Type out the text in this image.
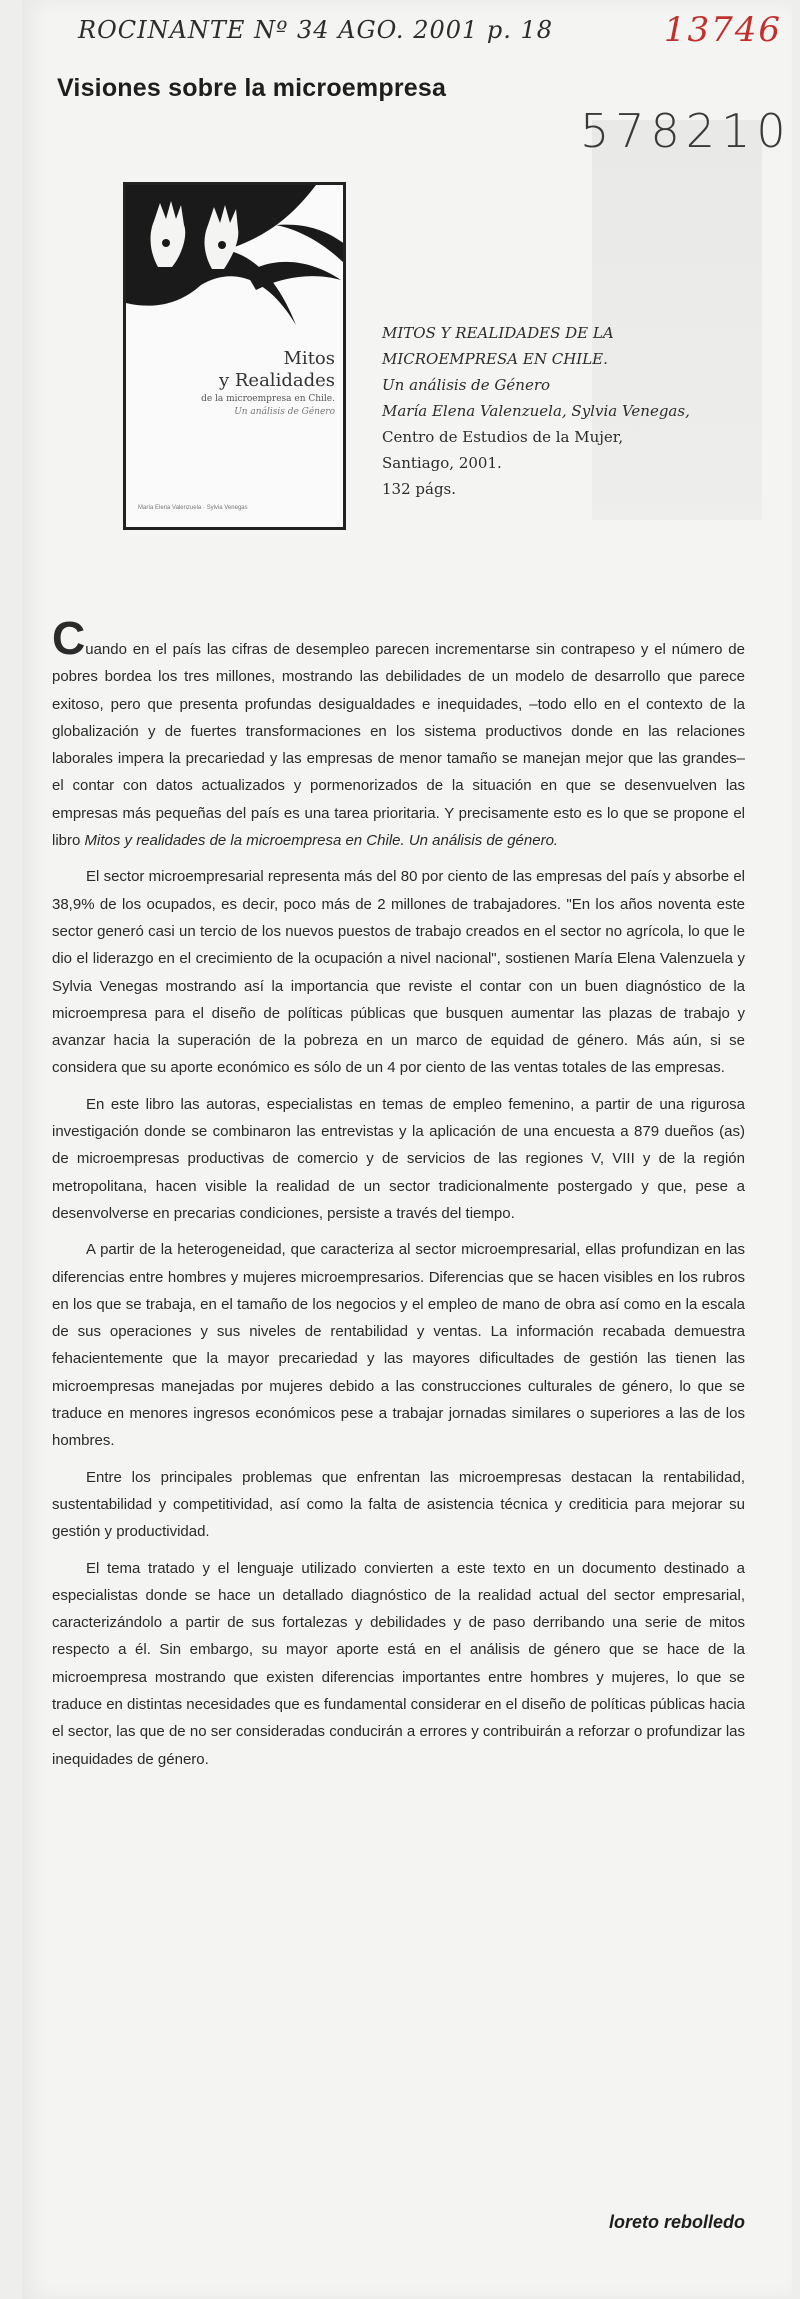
ROCINANTE Nº 34 AGO. 2001 p. 18	13746
Visiones sobre la microempresa
578210
Mitos
y Realidades
de la microempresa en Chile.
Un análisis de Género
María Elena Valenzuela · Sylvia Venegas
MITOS Y REALIDADES DE LA
MICROEMPRESA EN CHILE.
Un análisis de Género
María Elena Valenzuela, Sylvia Venegas,
Centro de Estudios de la Mujer,
Santiago, 2001.
132 págs.

Cuando en el país las cifras de desempleo parecen incrementarse sin contrapeso y el número de pobres bordea los tres millones, mostrando las debilidades de un modelo de desarrollo que parece exitoso, pero que presenta profundas desigualdades e inequidades, –todo ello en el contexto de la globalización y de fuertes transformaciones en los sistema productivos donde en las relaciones laborales impera la precariedad y las empresas de menor tamaño se manejan mejor que las grandes– el contar con datos actualizados y pormenorizados de la situación en que se desenvuelven las empresas más pequeñas del país es una tarea prioritaria. Y precisamente esto es lo que se propone el libro Mitos y realidades de la microempresa en Chile. Un análisis de género.

El sector microempresarial representa más del 80 por ciento de las empresas del país y absorbe el 38,9% de los ocupados, es decir, poco más de 2 millones de trabajadores. "En los años noventa este sector generó casi un tercio de los nuevos puestos de trabajo creados en el sector no agrícola, lo que le dio el liderazgo en el crecimiento de la ocupación a nivel nacional", sostienen María Elena Valenzuela y Sylvia Venegas mostrando así la importancia que reviste el contar con un buen diagnóstico de la microempresa para el diseño de políticas públicas que busquen aumentar las plazas de trabajo y avanzar hacia la superación de la pobreza en un marco de equidad de género. Más aún, si se considera que su aporte económico es sólo de un 4 por ciento de las ventas totales de las empresas.

En este libro las autoras, especialistas en temas de empleo femenino, a partir de una rigurosa investigación donde se combinaron las entrevistas y la aplicación de una encuesta a 879 dueños (as) de microempresas productivas de comercio y de servicios de las regiones V, VIII y de la región metropolitana, hacen visible la realidad de un sector tradicionalmente postergado y que, pese a desenvolverse en precarias condiciones, persiste a través del tiempo.

A partir de la heterogeneidad, que caracteriza al sector microempresarial, ellas profundizan en las diferencias entre hombres y mujeres microempresarios. Diferencias que se hacen visibles en los rubros en los que se trabaja, en el tamaño de los negocios y el empleo de mano de obra así como en la escala de sus operaciones y sus niveles de rentabilidad y ventas. La información recabada demuestra fehacientemente que la mayor precariedad y las mayores dificultades de gestión las tienen las microempresas manejadas por mujeres debido a las construcciones culturales de género, lo que se traduce en menores ingresos económicos pese a trabajar jornadas similares o superiores a las de los hombres.

Entre los principales problemas que enfrentan las microempresas destacan la rentabilidad, sustentabilidad y competitividad, así como la falta de asistencia técnica y crediticia para mejorar su gestión y productividad.

El tema tratado y el lenguaje utilizado convierten a este texto en un documento destinado a especialistas donde se hace un detallado diagnóstico de la realidad actual del sector empresarial, caracterizándolo a partir de sus fortalezas y debilidades y de paso derribando una serie de mitos respecto a él. Sin embargo, su mayor aporte está en el análisis de género que se hace de la microempresa mostrando que existen diferencias importantes entre hombres y mujeres, lo que se traduce en distintas necesidades que es fundamental considerar en el diseño de políticas públicas hacia el sector, las que de no ser consideradas conducirán a errores y contribuirán a reforzar o profundizar las inequidades de género.

loreto rebolledo
